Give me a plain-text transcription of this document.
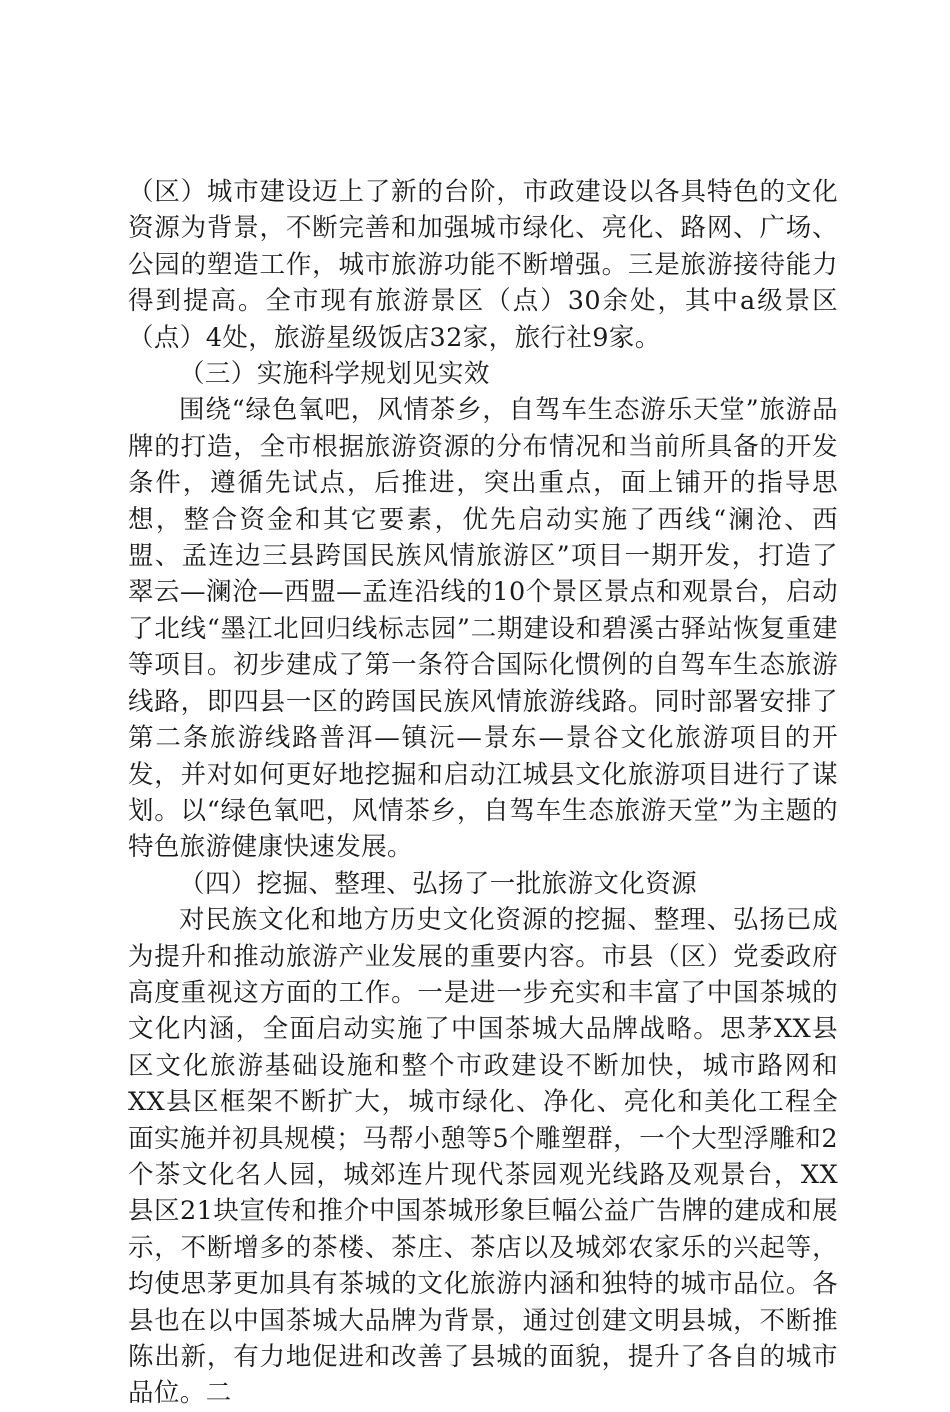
（区）城市建设迈上了新的台阶，市政建设以各具特色的文化资源为背景，不断完善和加强城市绿化、亮化、路网、广场、公园的塑造工作，城市旅游功能不断增强。三是旅游接待能力得到提高。全市现有旅游景区（点）30余处，其中a级景区（点）4处，旅游星级饭店32家，旅行社9家。

（三）实施科学规划见实效

围绕“绿色氧吧，风情茶乡，自驾车生态游乐天堂”旅游品牌的打造，全市根据旅游资源的分布情况和当前所具备的开发条件，遵循先试点，后推进，突出重点，面上铺开的指导思想，整合资金和其它要素，优先启动实施了西线“澜沧、西盟、孟连边三县跨国民族风情旅游区”项目一期开发，打造了翠云—澜沧—西盟—孟连沿线的10个景区景点和观景台，启动了北线“墨江北回归线标志园”二期建设和碧溪古驿站恢复重建等项目。初步建成了第一条符合国际化惯例的自驾车生态旅游线路，即四县一区的跨国民族风情旅游线路。同时部署安排了第二条旅游线路普洱—镇沅—景东—景谷文化旅游项目的开发，并对如何更好地挖掘和启动江城县文化旅游项目进行了谋划。以“绿色氧吧，风情茶乡，自驾车生态旅游天堂”为主题的特色旅游健康快速发展。

（四）挖掘、整理、弘扬了一批旅游文化资源

对民族文化和地方历史文化资源的挖掘、整理、弘扬已成为提升和推动旅游产业发展的重要内容。市县（区）党委政府高度重视这方面的工作。一是进一步充实和丰富了中国茶城的文化内涵，全面启动实施了中国茶城大品牌战略。思茅XX县区文化旅游基础设施和整个市政建设不断加快，城市路网和XX县区框架不断扩大，城市绿化、净化、亮化和美化工程全面实施并初具规模；马帮小憩等5个雕塑群，一个大型浮雕和2个茶文化名人园，城郊连片现代茶园观光线路及观景台，XX县区21块宣传和推介中国茶城形象巨幅公益广告牌的建成和展示，不断增多的茶楼、茶庄、茶店以及城郊农家乐的兴起等，均使思茅更加具有茶城的文化旅游内涵和独特的城市品位。各县也在以中国茶城大品牌为背景，通过创建文明县城，不断推陈出新，有力地促进和改善了县城的面貌，提升了各自的城市品位。二
